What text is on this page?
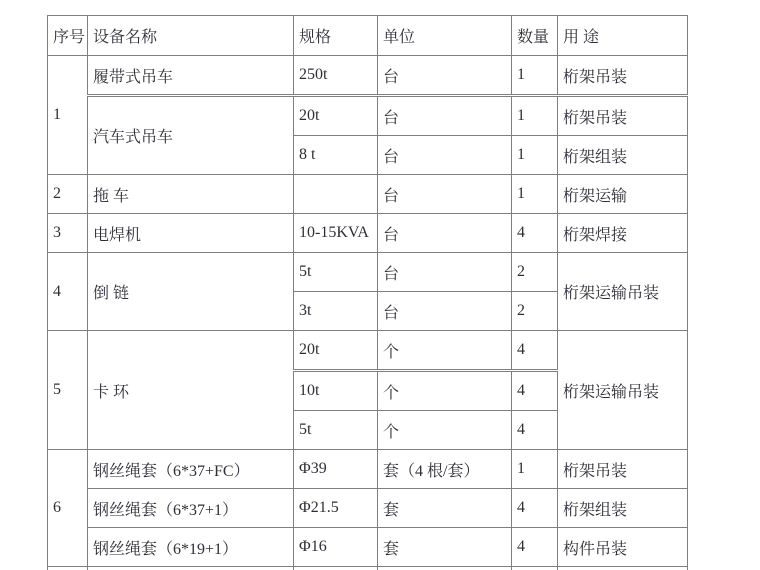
序号	设备名称	规格	单位	数量	用 途
1	履带式吊车	250t	台	1	桁架吊装
	汽车式吊车	20t	台	1	桁架吊装
		8 t	台	1	桁架组装
2	拖 车		台	1	桁架运输
3	电焊机	10-15KVA	台	4	桁架焊接
4	倒 链	5t	台	2	桁架运输吊装
		3t	台	2	
5	卡 环	20t	个	4	桁架运输吊装
		10t	个	4	
		5t	个	4	
6	钢丝绳套（6*37+FC）	Φ39	套（4 根/套）	1	桁架吊装
	钢丝绳套（6*37+1）	Φ21.5	套	4	桁架组装
	钢丝绳套（6*19+1）	Φ16	套	4	构件吊装
